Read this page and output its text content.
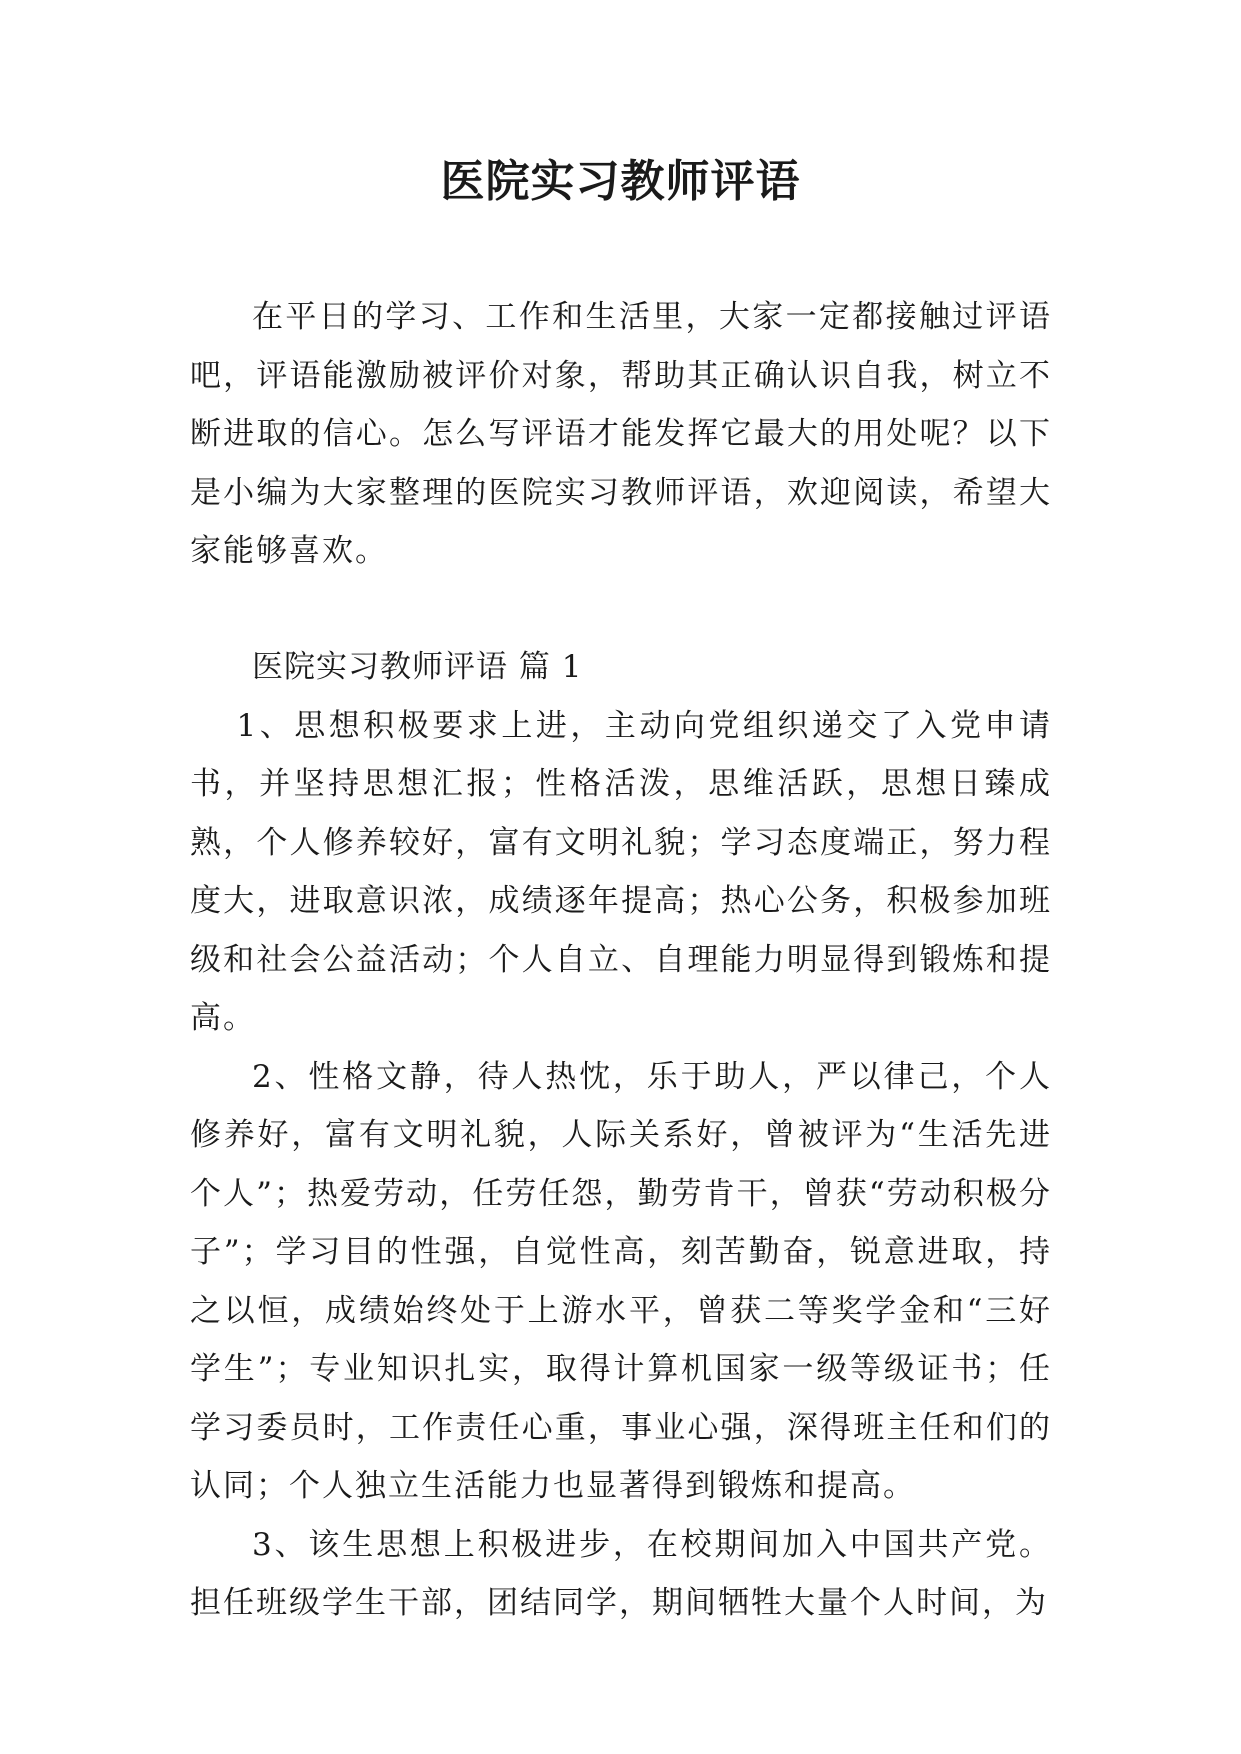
医院实习教师评语

在平日的学习、工作和生活里，大家一定都接触过评语吧，评语能激励被评价对象，帮助其正确认识自我，树立不断进取的信心。怎么写评语才能发挥它最大的用处呢？以下是小编为大家整理的医院实习教师评语，欢迎阅读，希望大家能够喜欢。

医院实习教师评语 篇 1

1、思想积极要求上进，主动向党组织递交了入党申请书，并坚持思想汇报；性格活泼，思维活跃，思想日臻成熟，个人修养较好，富有文明礼貌；学习态度端正，努力程度大，进取意识浓，成绩逐年提高；热心公务，积极参加班级和社会公益活动；个人自立、自理能力明显得到锻炼和提高。

2、性格文静，待人热忱，乐于助人，严以律己，个人修养好，富有文明礼貌，人际关系好，曾被评为“生活先进个人”；热爱劳动，任劳任怨，勤劳肯干，曾获“劳动积极分子”；学习目的性强，自觉性高，刻苦勤奋，锐意进取，持之以恒，成绩始终处于上游水平，曾获二等奖学金和“三好学生”；专业知识扎实，取得计算机国家一级等级证书；任学习委员时，工作责任心重，事业心强，深得班主任和们的认同；个人独立生活能力也显著得到锻炼和提高。

3、该生思想上积极进步，在校期间加入中国共产党。担任班级学生干部，团结同学，期间牺牲大量个人时间，为
